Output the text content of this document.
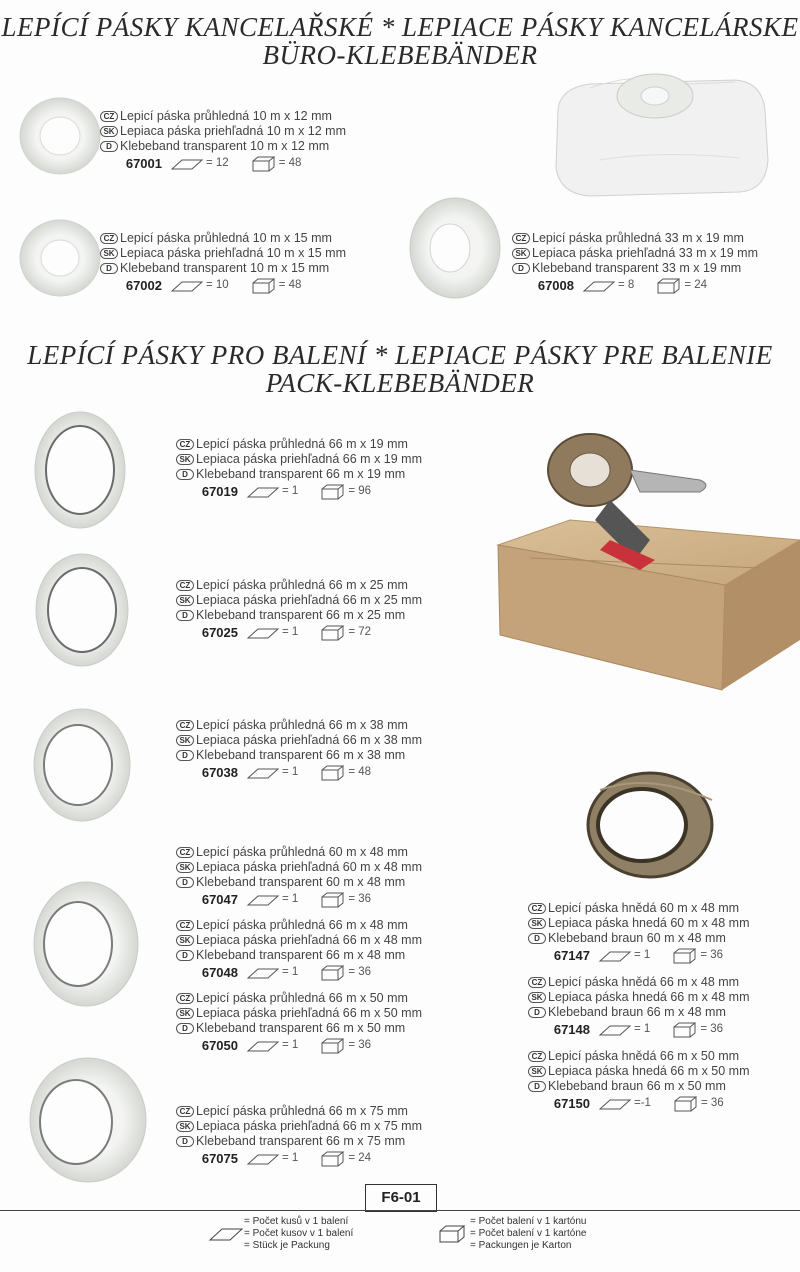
LEPÍCÍ PÁSKY KANCELAŘSKÉ * LEPIACE PÁSKY KANCELÁRSKE
BÜRO-KLEBEBÄNDER
LEPÍCÍ PÁSKY PRO BALENÍ * LEPIACE PÁSKY PRE BALENIE
PACK-KLEBEBÄNDER
CZ Lepicí páska průhledná 10 m x 12 mm
SK Lepiaca páska priehľadná 10 m x 12 mm
D Klebeband transparent 10 m x 12 mm
67001	= 12	= 48
CZ Lepicí páska průhledná 10 m x 15 mm
SK Lepiaca páska priehľadná 10 m x 15 mm
D Klebeband transparent 10 m x 15 mm
67002	= 10	= 48
CZ Lepicí páska průhledná 33 m x 19 mm
SK Lepiaca páska priehľadná 33 m x 19 mm
D Klebeband transparent 33 m x 19 mm
67008	= 8	= 24
CZ Lepicí páska průhledná 66 m x 19 mm
SK Lepiaca páska priehľadná 66 m x 19 mm
D Klebeband transparent 66 m x 19 mm
67019	= 1	= 96
CZ Lepicí páska průhledná 66 m x 25 mm
SK Lepiaca páska priehľadná 66 m x 25 mm
D Klebeband transparent 66 m x 25 mm
67025	= 1	= 72
CZ Lepicí páska průhledná 66 m x 38 mm
SK Lepiaca páska priehľadná 66 m x 38 mm
D Klebeband transparent 66 m x 38 mm
67038	= 1	= 48
CZ Lepicí páska průhledná 60 m x 48 mm
SK Lepiaca páska priehľadná 60 m x 48 mm
D Klebeband transparent 60 m x 48 mm
67047	= 1	= 36
CZ Lepicí páska průhledná 66 m x 48 mm
SK Lepiaca páska priehľadná 66 m x 48 mm
D Klebeband transparent 66 m x 48 mm
67048	= 1	= 36
CZ Lepicí páska průhledná 66 m x 50 mm
SK Lepiaca páska priehľadná 66 m x 50 mm
D Klebeband transparent 66 m x 50 mm
67050	= 1	= 36
CZ Lepicí páska průhledná 66 m x 75 mm
SK Lepiaca páska priehľadná 66 m x 75 mm
D Klebeband transparent 66 m x 75 mm
67075	= 1	= 24
CZ Lepicí páska hnědá 60 m x 48 mm
SK Lepiaca páska hnedá 60 m x 48 mm
D Klebeband braun 60 m x 48 mm
67147	= 1	= 36
CZ Lepicí páska hnědá 66 m x 48 mm
SK Lepiaca páska hnedá 66 m x 48 mm
D Klebeband braun 66 m x 48 mm
67148	= 1	= 36
CZ Lepicí páska hnědá 66 m x 50 mm
SK Lepiaca páska hnedá 66 m x 50 mm
D Klebeband braun 66 m x 50 mm
67150	=-1	= 36
F6-01
= Počet kusů v 1 balení
= Počet kusov v 1 balení
= Stück je Packung
= Počet balení v 1 kartónu
= Počet balení v 1 kartóne
= Packungen je Karton
